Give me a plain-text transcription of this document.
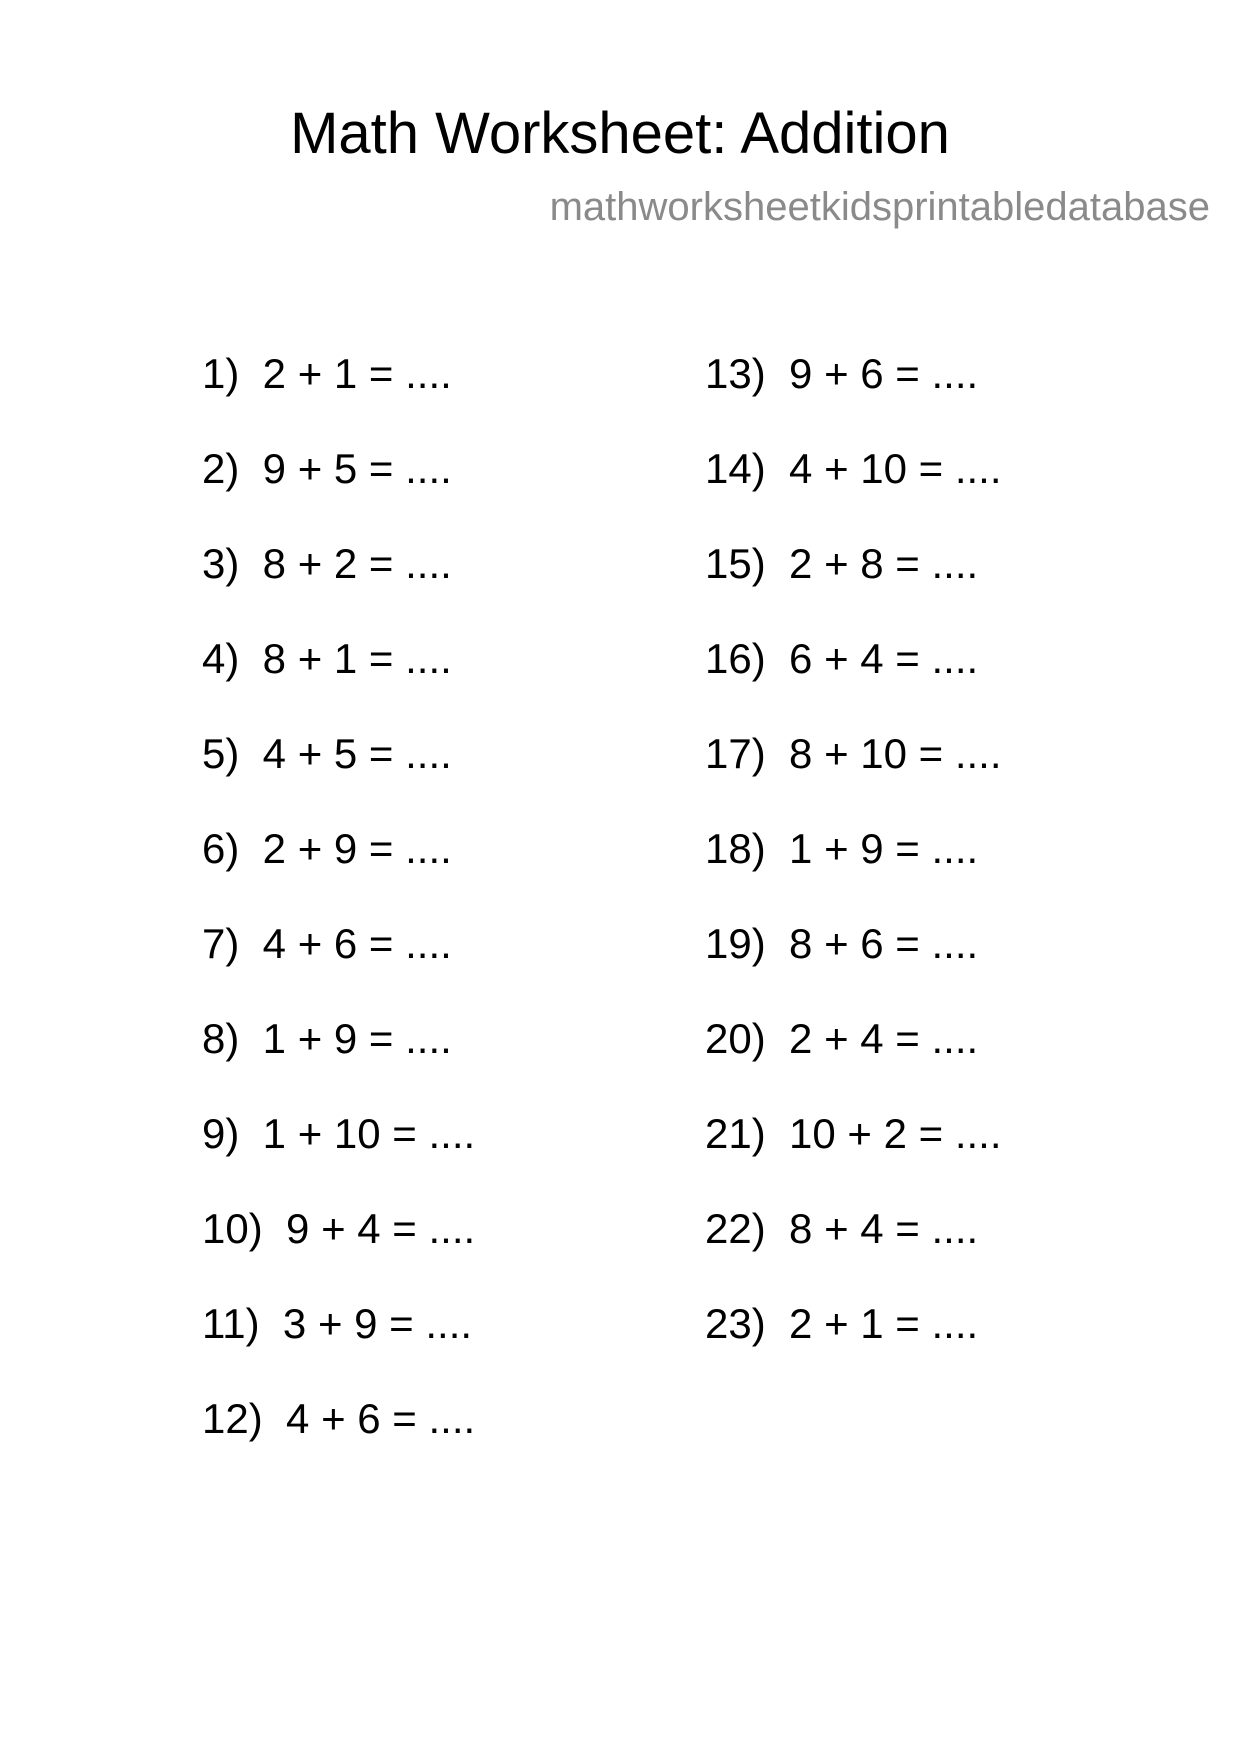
Math Worksheet: Addition
mathworksheetkidsprintabledatabase
1)  2 + 1 = ....
2)  9 + 5 = ....
3)  8 + 2 = ....
4)  8 + 1 = ....
5)  4 + 5 = ....
6)  2 + 9 = ....
7)  4 + 6 = ....
8)  1 + 9 = ....
9)  1 + 10 = ....
10)  9 + 4 = ....
11)  3 + 9 = ....
12)  4 + 6 = ....
13)  9 + 6 = ....
14)  4 + 10 = ....
15)  2 + 8 = ....
16)  6 + 4 = ....
17)  8 + 10 = ....
18)  1 + 9 = ....
19)  8 + 6 = ....
20)  2 + 4 = ....
21)  10 + 2 = ....
22)  8 + 4 = ....
23)  2 + 1 = ....
